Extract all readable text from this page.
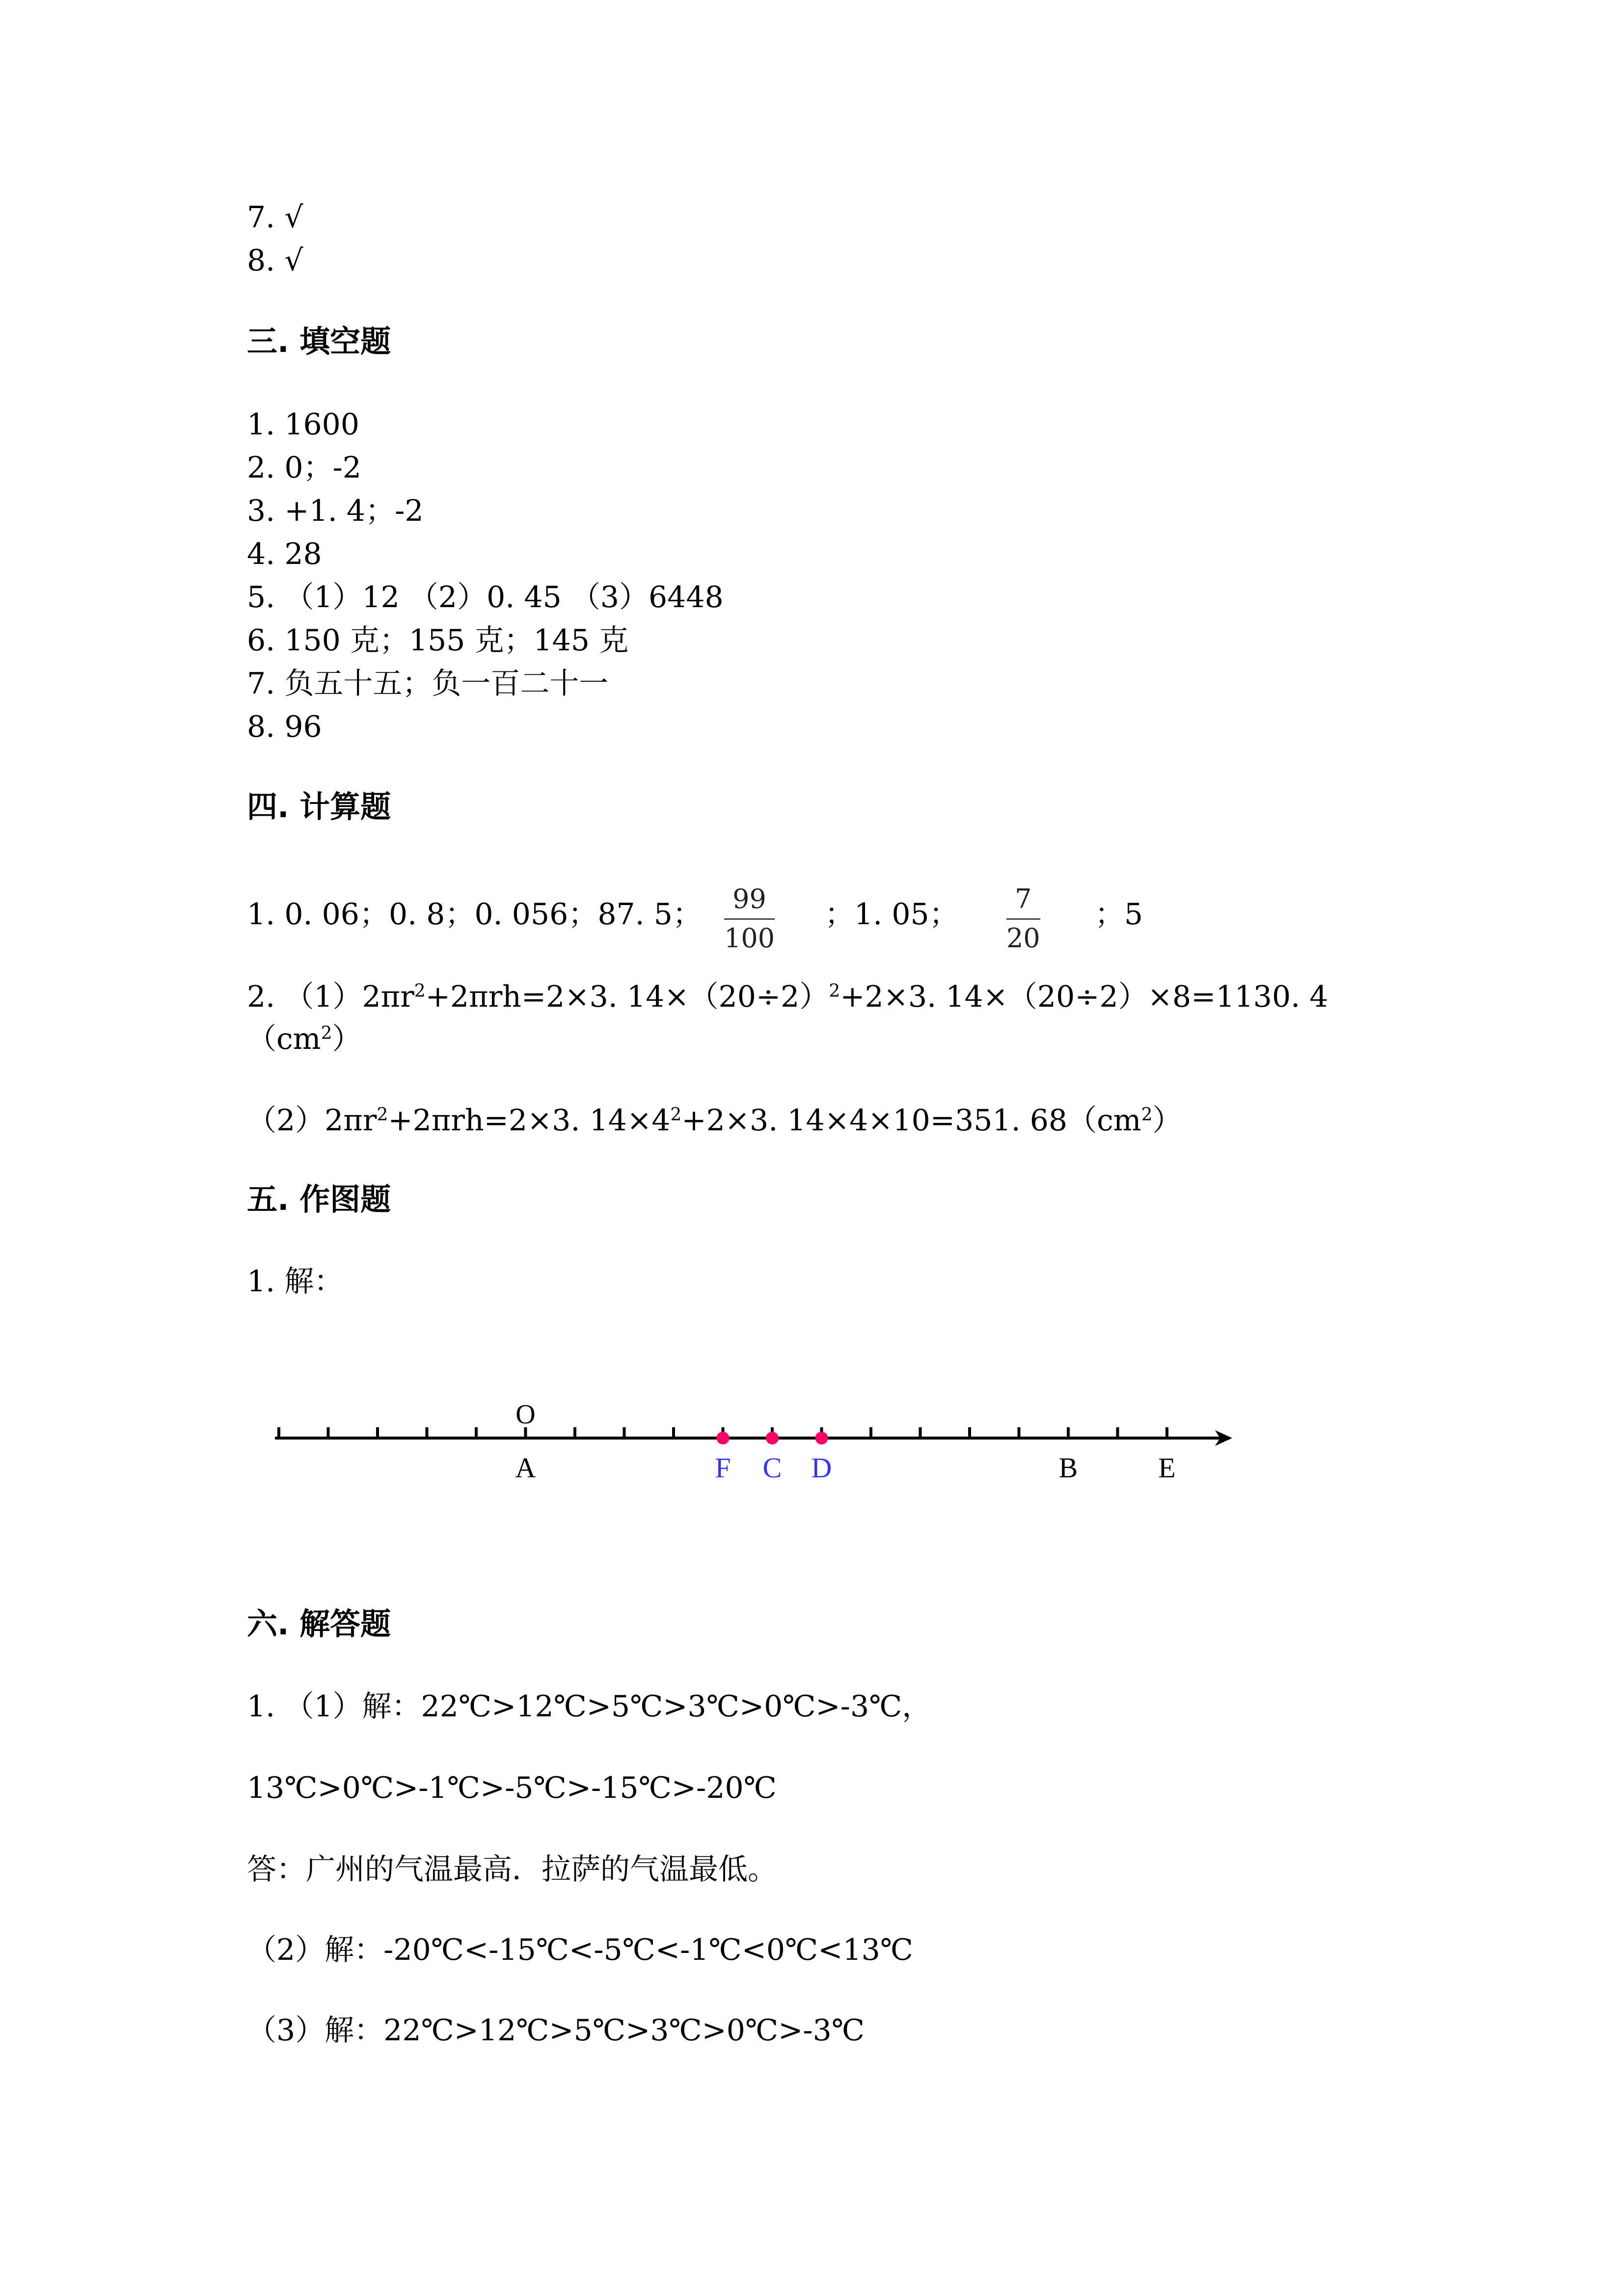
7. √
8. √
三. 填空题
1. 1600
2. 0；-2
3. +1. 4；-2
4. 28
5. （1）12 （2）0. 45 （3）6448
6. 150 克；155 克；145 克
7. 负五十五；负一百二十一
8. 96
四. 计算题
1. 0. 06；0. 8；0. 056；87. 5；	99
100
；1. 05；	7
20
；5
2. $(1)2\pi r^2+2\pi rh=2\times 3$. $14\times(20\div 2)^2+2\times 3$. 14×（20÷2）×8=1130. 4
$(cm^2)$
$(2)2\pi r^2+2\pi rh=2\times 3$. $14\times 4^2+2\times 3$. 14×4×10=351. $68(cm^2)$
五. 作图题
1. 解：
O
A	F C D	B	E
六. 解答题
1. （1）解：22℃>12℃>5℃>3℃>0℃>-3℃，
13℃>0℃>-1℃>-5℃>-15℃>-20℃
答：广州的气温最高．拉萨的气温最低。
（2）解：-20℃<-15℃<-5℃<-1℃<0℃<13℃
（3）解：22℃>12℃>5℃>3℃>0℃>-3℃
